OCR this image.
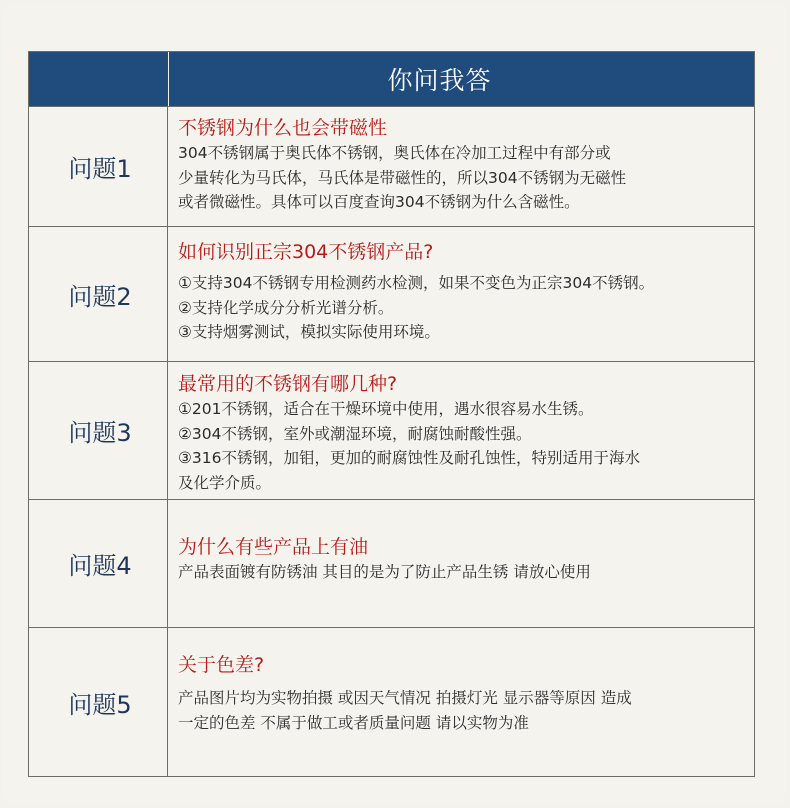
你问我答
问题1
不锈钢为什么也会带磁性
304不锈钢属于奥氏体不锈钢，奥氏体在冷加工过程中有部分或
少量转化为马氏体，马氏体是带磁性的，所以304不锈钢为无磁性
或者微磁性。具体可以百度查询304不锈钢为什么含磁性。
问题2
如何识别正宗304不锈钢产品?
①支持304不锈钢专用检测药水检测，如果不变色为正宗304不锈钢。
②支持化学成分分析光谱分析。
③支持烟雾测试，模拟实际使用环境。
问题3
最常用的不锈钢有哪几种?
①201不锈钢，适合在干燥环境中使用，遇水很容易水生锈。
②304不锈钢，室外或潮湿环境，耐腐蚀耐酸性强。
③316不锈钢，加钼，更加的耐腐蚀性及耐孔蚀性，特别适用于海水
及化学介质。
问题4
为什么有些产品上有油
产品表面镀有防锈油 其目的是为了防止产品生锈 请放心使用
问题5
关于色差?
产品图片均为实物拍摄 或因天气情况 拍摄灯光 显示器等原因 造成
一定的色差 不属于做工或者质量问题 请以实物为准
